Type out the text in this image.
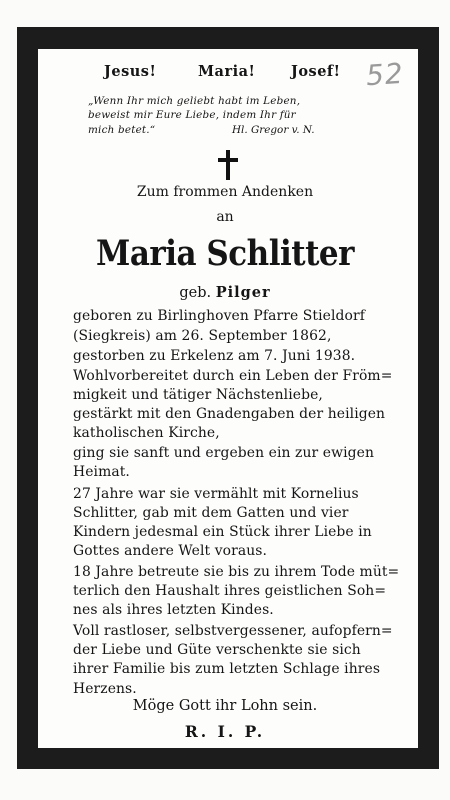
52
Jesus!	Maria! Josef!
„Wenn Ihr mich geliebt habt im Leben,
beweist mir Eure Liebe, indem Ihr für
mich betet.“	Hl. Gregor v. N.
Zum frommen Andenken
an
Maria Schlitter
geb. Pilger
geboren zu Birlinghoven Pfarre Stieldorf
(Siegkreis) am 26. September 1862,
gestorben zu Erkelenz am 7. Juni 1938.
Wohlvorbereitet durch ein Leben der Fröm=
migkeit und tätiger Nächstenliebe,
gestärkt mit den Gnadengaben der heiligen
katholischen Kirche,
ging sie sanft und ergeben ein zur ewigen
Heimat.
27 Jahre war sie vermählt mit Kornelius
Schlitter, gab mit dem Gatten und vier
Kindern jedesmal ein Stück ihrer Liebe in
Gottes andere Welt voraus.
18 Jahre betreute sie bis zu ihrem Tode müt=
terlich den Haushalt ihres geistlichen Soh=
nes als ihres letzten Kindes.
Voll rastloser, selbstvergessener, aufopfern=
der Liebe und Güte verschenkte sie sich
ihrer Familie bis zum letzten Schlage ihres
Herzens.
Möge Gott ihr Lohn sein.
R. I. P.
